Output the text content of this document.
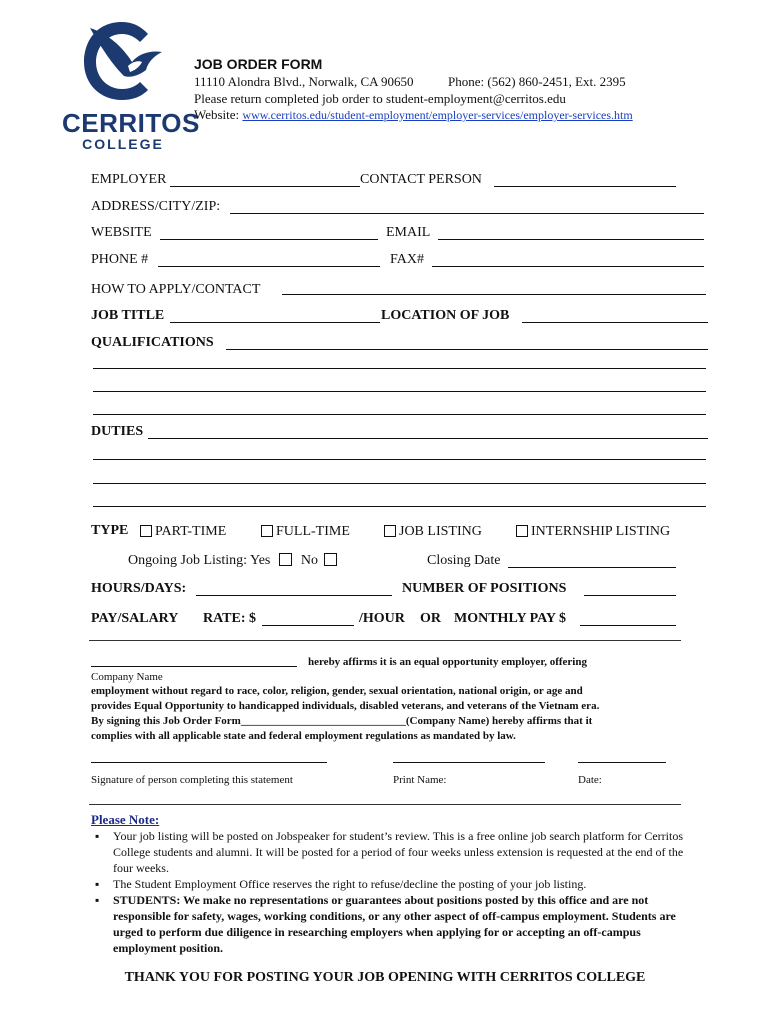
CERRITOS
COLLEGE
JOB ORDER FORM
11110 Alondra Blvd., Norwalk, CA 90650	Phone: (562) 860-2451, Ext. 2395
Please return completed job order to student-employment@cerritos.edu
Website: www.cerritos.edu/student-employment/employer-services/employer-services.htm
EMPLOYER	CONTACT PERSON
ADDRESS/CITY/ZIP:
WEBSITE	EMAIL
PHONE #	FAX#
HOW TO APPLY/CONTACT
JOB TITLE	LOCATION OF JOB
QUALIFICATIONS
DUTIES
TYPE	PART-TIME	FULL-TIME	JOB LISTING	INTERNSHIP LISTING
Ongoing Job Listing: Yes No	Closing Date
HOURS/DAYS:	NUMBER OF POSITIONS
PAY/SALARY RATE: $	/HOUR OR MONTHLY PAY $
hereby affirms it is an equal opportunity employer, offering
Company Name
employment without regard to race, color, religion, gender, sexual orientation, national origin, or age and
provides Equal Opportunity to handicapped individuals, disabled veterans, and veterans of the Vietnam era.
By signing this Job Order Form______________________________(Company Name) hereby affirms that it
complies with all applicable state and federal employment regulations as mandated by law.
Signature of person completing this statement	Print Name:	Date:
Please Note:
▪ Your job listing will be posted on Jobspeaker for student’s review. This is a free online job search platform for Cerritos College students and alumni. It will be posted for a period of four weeks unless extension is requested at the end of the four weeks.
▪ The Student Employment Office reserves the right to refuse/decline the posting of your job listing.
▪ STUDENTS: We make no representations or guarantees about positions posted by this office and are not responsible for safety, wages, working conditions, or any other aspect of off-campus employment. Students are urged to perform due diligence in researching employers when applying for or accepting an off-campus employment position.
THANK YOU FOR POSTING YOUR JOB OPENING WITH CERRITOS COLLEGE
